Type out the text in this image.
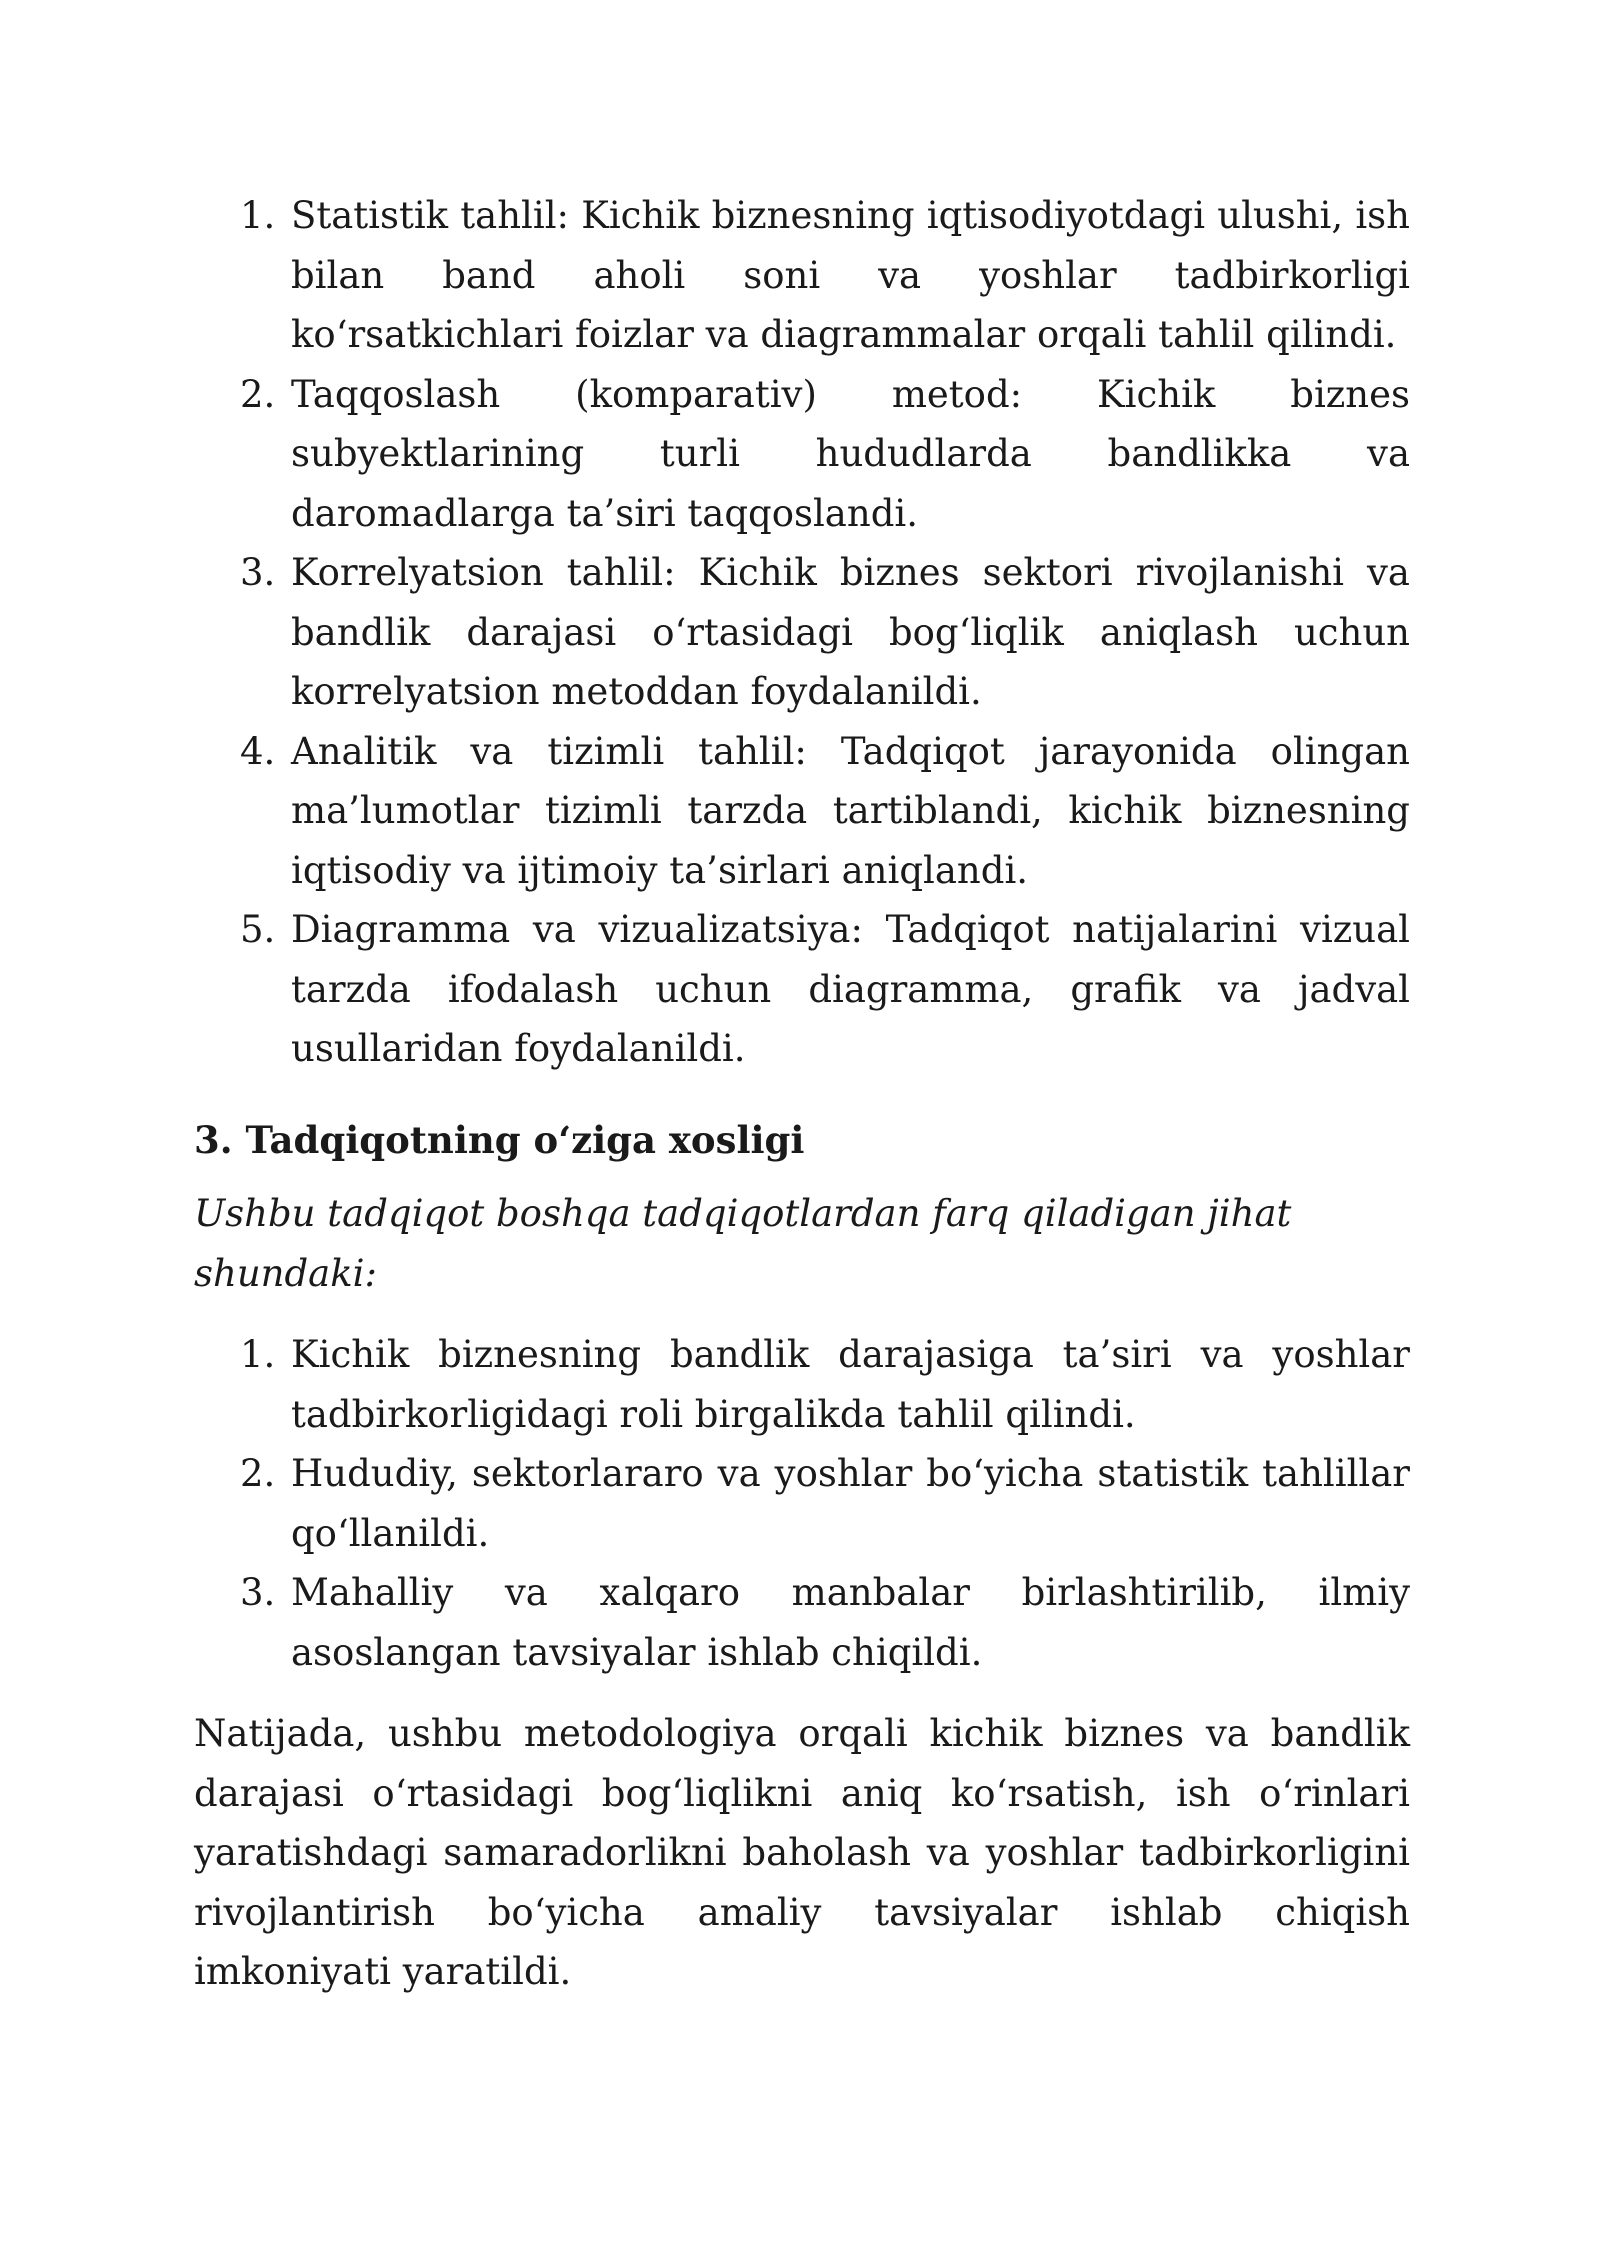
1. Statistik tahlil: Kichik biznesning iqtisodiyotdagi ulushi, ish bilan band aholi soni va yoshlar tadbirkorligi ko‘rsatkichlari foizlar va diagrammalar orqali tahlil qilindi.
2. Taqqoslash (komparativ) metod: Kichik biznes subyektlarining turli hududlarda bandlikka va daromadlarga ta’siri taqqoslandi.
3. Korrelyatsion tahlil: Kichik biznes sektori rivojlanishi va bandlik darajasi o‘rtasidagi bog‘liqlik aniqlash uchun korrelyatsion metoddan foydalanildi.
4. Analitik va tizimli tahlil: Tadqiqot jarayonida olingan ma’lumotlar tizimli tarzda tartiblandi, kichik biznesning iqtisodiy va ijtimoiy ta’sirlari aniqlandi.
5. Diagramma va vizualizatsiya: Tadqiqot natijalarini vizual tarzda ifodalash uchun diagramma, grafik va jadval usullaridan foydalanildi.
3. Tadqiqotning o‘ziga xosligi
Ushbu tadqiqot boshqa tadqiqotlardan farq qiladigan jihat shundaki:
1. Kichik biznesning bandlik darajasiga ta’siri va yoshlar tadbirkorligidagi roli birgalikda tahlil qilindi.
2. Hududiy, sektorlararo va yoshlar bo‘yicha statistik tahlillar qo‘llanildi.
3. Mahalliy va xalqaro manbalar birlashtirilib, ilmiy asoslangan tavsiyalar ishlab chiqildi.

Natijada, ushbu metodologiya orqali kichik biznes va bandlik darajasi o‘rtasidagi bog‘liqlikni aniq ko‘rsatish, ish o‘rinlari yaratishdagi samaradorlikni baholash va yoshlar tadbirkorligini rivojlantirish bo‘yicha amaliy tavsiyalar ishlab chiqish imkoniyati yaratildi.
